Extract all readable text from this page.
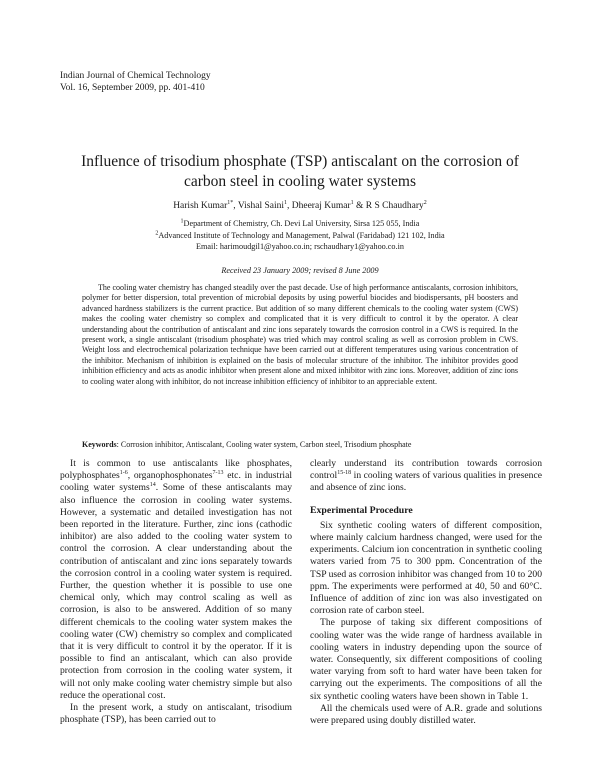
Indian Journal of Chemical Technology
Vol. 16, September 2009, pp. 401-410
Influence of trisodium phosphate (TSP) antiscalant on the corrosion of carbon steel in cooling water systems
Harish Kumar$^{1*}$, Vishal Saini$^1$, Dheeraj Kumar$^1$ & R S Chaudhary$^2$
$^1$Department of Chemistry, Ch. Devi Lal University, Sirsa 125 055, India
$^2$Advanced Institute of Technology and Management, Palwal (Faridabad) 121 102, India
Email: harimoudgil1@yahoo.co.in; rschaudhary1@yahoo.co.in
Received 23 January 2009; revised 8 June 2009

The cooling water chemistry has changed steadily over the past decade. Use of high performance antiscalants, corrosion inhibitors, polymer for better dispersion, total prevention of microbial deposits by using powerful biocides and biodispersants, pH boosters and advanced hardness stabilizers is the current practice. But addition of so many different chemicals to the cooling water system (CWS) makes the cooling water chemistry so complex and complicated that it is very difficult to control it by the operator. A clear understanding about the contribution of antiscalant and zinc ions separately towards the corrosion control in a CWS is required. In the present work, a single antiscalant (trisodium phosphate) was tried which may control scaling as well as corrosion problem in CWS. Weight loss and electrochemical polarization technique have been carried out at different temperatures using various concentration of the inhibitor. Mechanism of inhibition is explained on the basis of molecular structure of the inhibitor. The inhibitor provides good inhibition efficiency and acts as anodic inhibitor when present alone and mixed inhibitor with zinc ions. Moreover, addition of zinc ions to cooling water along with inhibitor, do not increase inhibition efficiency of inhibitor to an appreciable extent.

Keywords: Corrosion inhibitor, Antiscalant, Cooling water system, Carbon steel, Trisodium phosphate

It is common to use antiscalants like phosphates, polyphosphates$^{1-6}$, organophosphonates$^{7-13}$ etc. in industrial cooling water systems$^{14}$. Some of these antiscalants may also influence the corrosion in cooling water systems. However, a systematic and detailed investigation has not been reported in the literature. Further, zinc ions (cathodic inhibitor) are also added to the cooling water system to control the corrosion. A clear understanding about the contribution of antiscalant and zinc ions separately towards the corrosion control in a cooling water system is required. Further, the question whether it is possible to use one chemical only, which may control scaling as well as corrosion, is also to be answered. Addition of so many different chemicals to the cooling water system makes the cooling water (CW) chemistry so complex and complicated that it is very difficult to control it by the operator. If it is possible to find an antiscalant, which can also provide protection from corrosion in the cooling water system, it will not only make cooling water chemistry simple but also reduce the operational cost.

In the present work, a study on antiscalant, trisodium phosphate (TSP), has been carried out to

clearly understand its contribution towards corrosion control$^{15-18}$ in cooling waters of various qualities in presence and absence of zinc ions.

Experimental Procedure

Six synthetic cooling waters of different composition, where mainly calcium hardness changed, were used for the experiments. Calcium ion concentration in synthetic cooling waters varied from 75 to 300 ppm. Concentration of the TSP used as corrosion inhibitor was changed from 10 to 200 ppm. The experiments were performed at 40, 50 and 60°C. Influence of addition of zinc ion was also investigated on corrosion rate of carbon steel.

The purpose of taking six different compositions of cooling water was the wide range of hardness available in cooling waters in industry depending upon the source of water. Consequently, six different compositions of cooling water varying from soft to hard water have been taken for carrying out the experiments. The compositions of all the six synthetic cooling waters have been shown in Table 1.

All the chemicals used were of A.R. grade and solutions were prepared using doubly distilled water.
